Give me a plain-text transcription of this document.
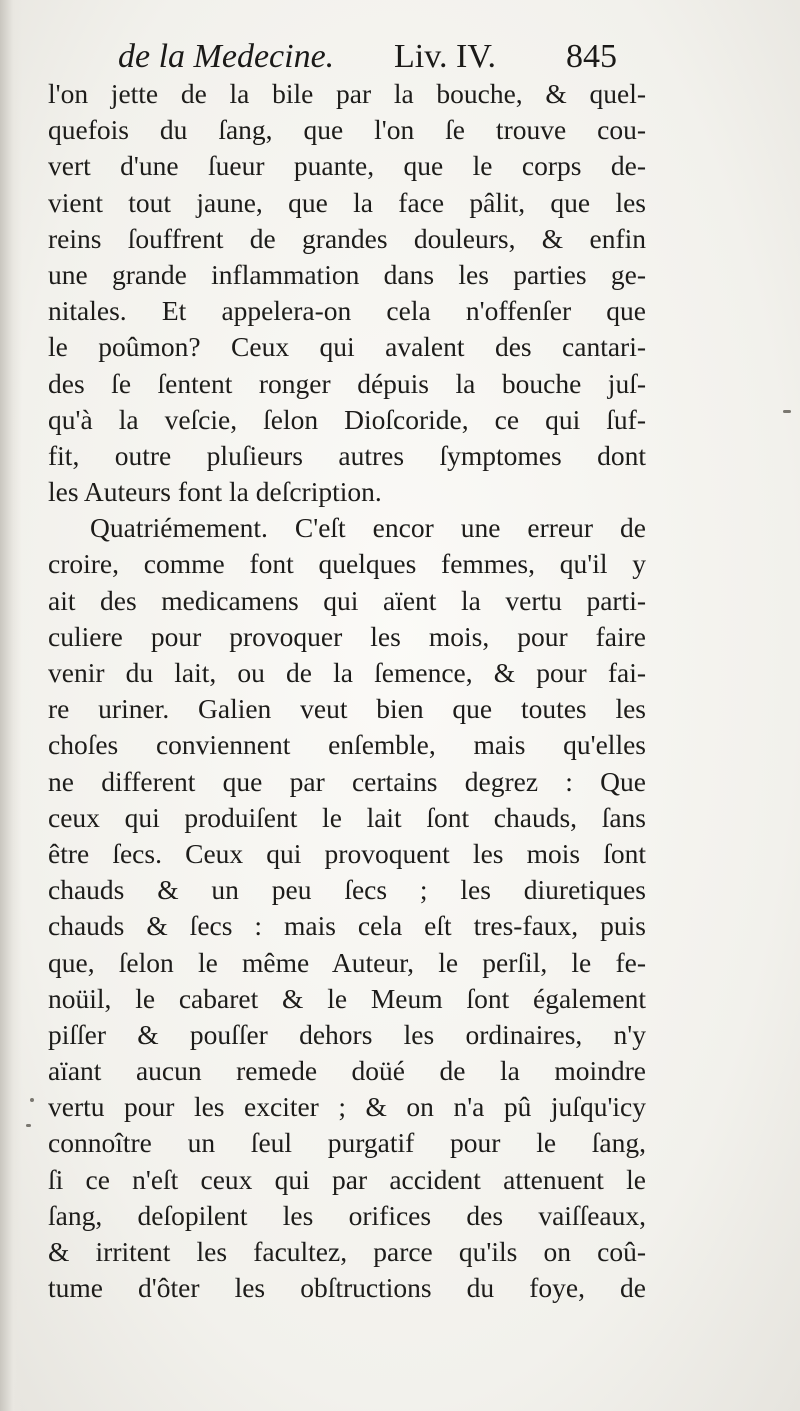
de la Medecine. Liv. IV. 845
l'on jette de la bile par la bouche, & quel-
quefois du ſang, que l'on ſe trouve cou-
vert d'une ſueur puante, que le corps de-
vient tout jaune, que la face pâlit, que les
reins ſouffrent de grandes douleurs, & enfin
une grande inflammation dans les parties ge-
nitales. Et appelera-on cela n'offenſer que
le poûmon? Ceux qui avalent des cantari-
des ſe ſentent ronger dépuis la bouche juſ-
qu'à la veſcie, ſelon Dioſcoride, ce qui ſuf-
fit, outre pluſieurs autres ſymptomes dont
les Auteurs font la deſcription.
Quatriémement. C'eſt encor une erreur de
croire, comme font quelques femmes, qu'il y
ait des medicamens qui aïent la vertu parti-
culiere pour provoquer les mois, pour faire
venir du lait, ou de la ſemence, & pour fai-
re uriner. Galien veut bien que toutes les
choſes conviennent enſemble, mais qu'elles
ne different que par certains degrez : Que
ceux qui produiſent le lait ſont chauds, ſans
être ſecs. Ceux qui provoquent les mois ſont
chauds & un peu ſecs ; les diuretiques
chauds & ſecs : mais cela eſt tres-faux, puis
que, ſelon le même Auteur, le perſil, le fe-
noüil, le cabaret & le Meum ſont également
piſſer & pouſſer dehors les ordinaires, n'y
aïant aucun remede doüé de la moindre
vertu pour les exciter ; & on n'a pû juſqu'icy
connoître un ſeul purgatif pour le ſang,
ſi ce n'eſt ceux qui par accident attenuent le
ſang, deſopilent les orifices des vaiſſeaux,
& irritent les facultez, parce qu'ils on coû-
tume d'ôter les obſtructions du foye, de
